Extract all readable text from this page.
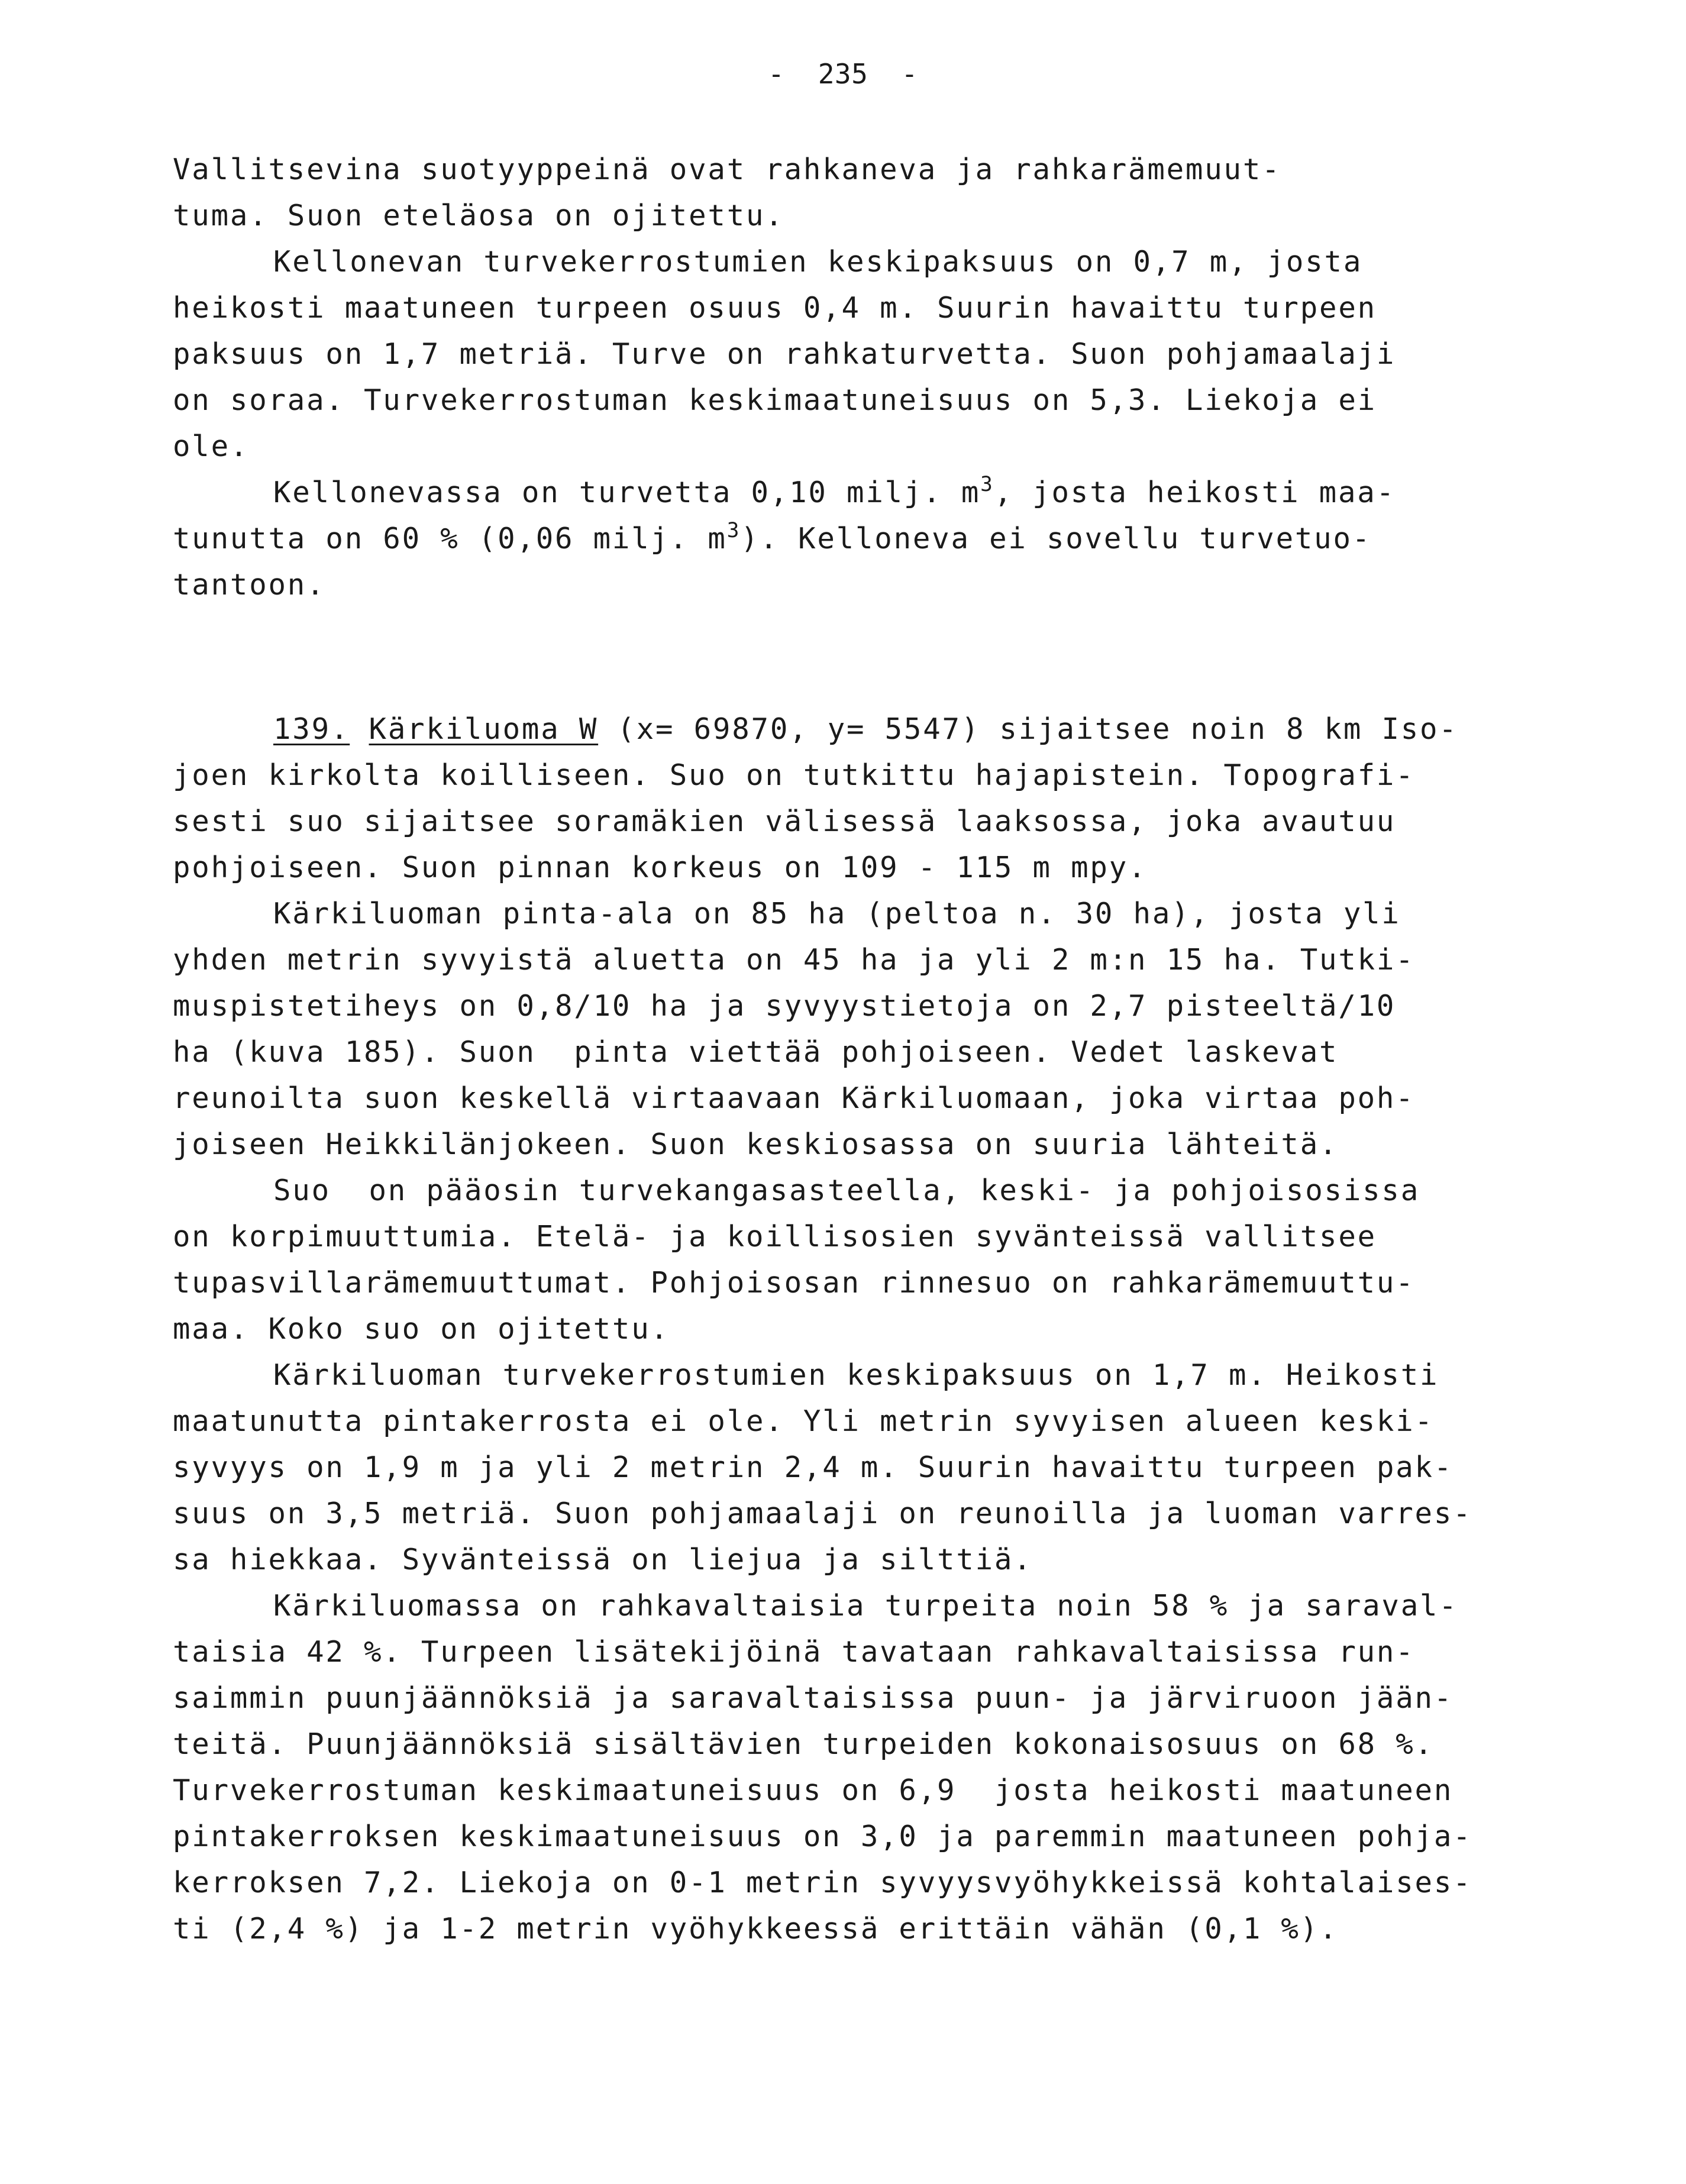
-  235  -
Vallitsevina suotyyppeinä ovat rahkaneva ja rahkarämemuut-
tuma. Suon eteläosa on ojitettu.
Kellonevan turvekerrostumien keskipaksuus on 0,7 m, josta
heikosti maatuneen turpeen osuus 0,4 m. Suurin havaittu turpeen
paksuus on 1,7 metriä. Turve on rahkaturvetta. Suon pohjamaalaji
on soraa. Turvekerrostuman keskimaatuneisuus on 5,3. Liekoja ei
ole.
Kellonevassa on turvetta 0,10 milj. $m^3$, josta heikosti maa-
tunutta on 60 % (0,06 milj. $m^3$). Kelloneva ei sovellu turvetuo-
tantoon.
139. Kärkiluoma W (x= 69870, y= 5547) sijaitsee noin 8 km Iso-
joen kirkolta koilliseen. Suo on tutkittu hajapistein. Topografi-
sesti suo sijaitsee soramäkien välisessä laaksossa, joka avautuu
pohjoiseen. Suon pinnan korkeus on 109 - 115 m mpy.
Kärkiluoman pinta-ala on 85 ha (peltoa n. 30 ha), josta yli
yhden metrin syvyistä aluetta on 45 ha ja yli 2 m:n 15 ha. Tutki-
muspistetiheys on 0,8/10 ha ja syvyystietoja on 2,7 pisteeltä/10
ha (kuva 185). Suon  pinta viettää pohjoiseen. Vedet laskevat
reunoilta suon keskellä virtaavaan Kärkiluomaan, joka virtaa poh-
joiseen Heikkilänjokeen. Suon keskiosassa on suuria lähteitä.
Suo  on pääosin turvekangasasteella, keski- ja pohjoisosissa
on korpimuuttumia. Etelä- ja koillisosien syvänteissä vallitsee
tupasvillarämemuuttumat. Pohjoisosan rinnesuo on rahkarämemuuttu-
maa. Koko suo on ojitettu.
Kärkiluoman turvekerrostumien keskipaksuus on 1,7 m. Heikosti
maatunutta pintakerrosta ei ole. Yli metrin syvyisen alueen keski-
syvyys on 1,9 m ja yli 2 metrin 2,4 m. Suurin havaittu turpeen pak-
suus on 3,5 metriä. Suon pohjamaalaji on reunoilla ja luoman varres-
sa hiekkaa. Syvänteissä on liejua ja silttiä.
Kärkiluomassa on rahkavaltaisia turpeita noin 58 % ja saraval-
taisia 42 %. Turpeen lisätekijöinä tavataan rahkavaltaisissa run-
saimmin puunjäännöksiä ja saravaltaisissa puun- ja järviruoon jään-
teitä. Puunjäännöksiä sisältävien turpeiden kokonaisosuus on 68 %.
Turvekerrostuman keskimaatuneisuus on 6,9  josta heikosti maatuneen
pintakerroksen keskimaatuneisuus on 3,0 ja paremmin maatuneen pohja-
kerroksen 7,2. Liekoja on 0-1 metrin syvyysvyöhykkeissä kohtalaises-
ti (2,4 %) ja 1-2 metrin vyöhykkeessä erittäin vähän (0,1 %).
